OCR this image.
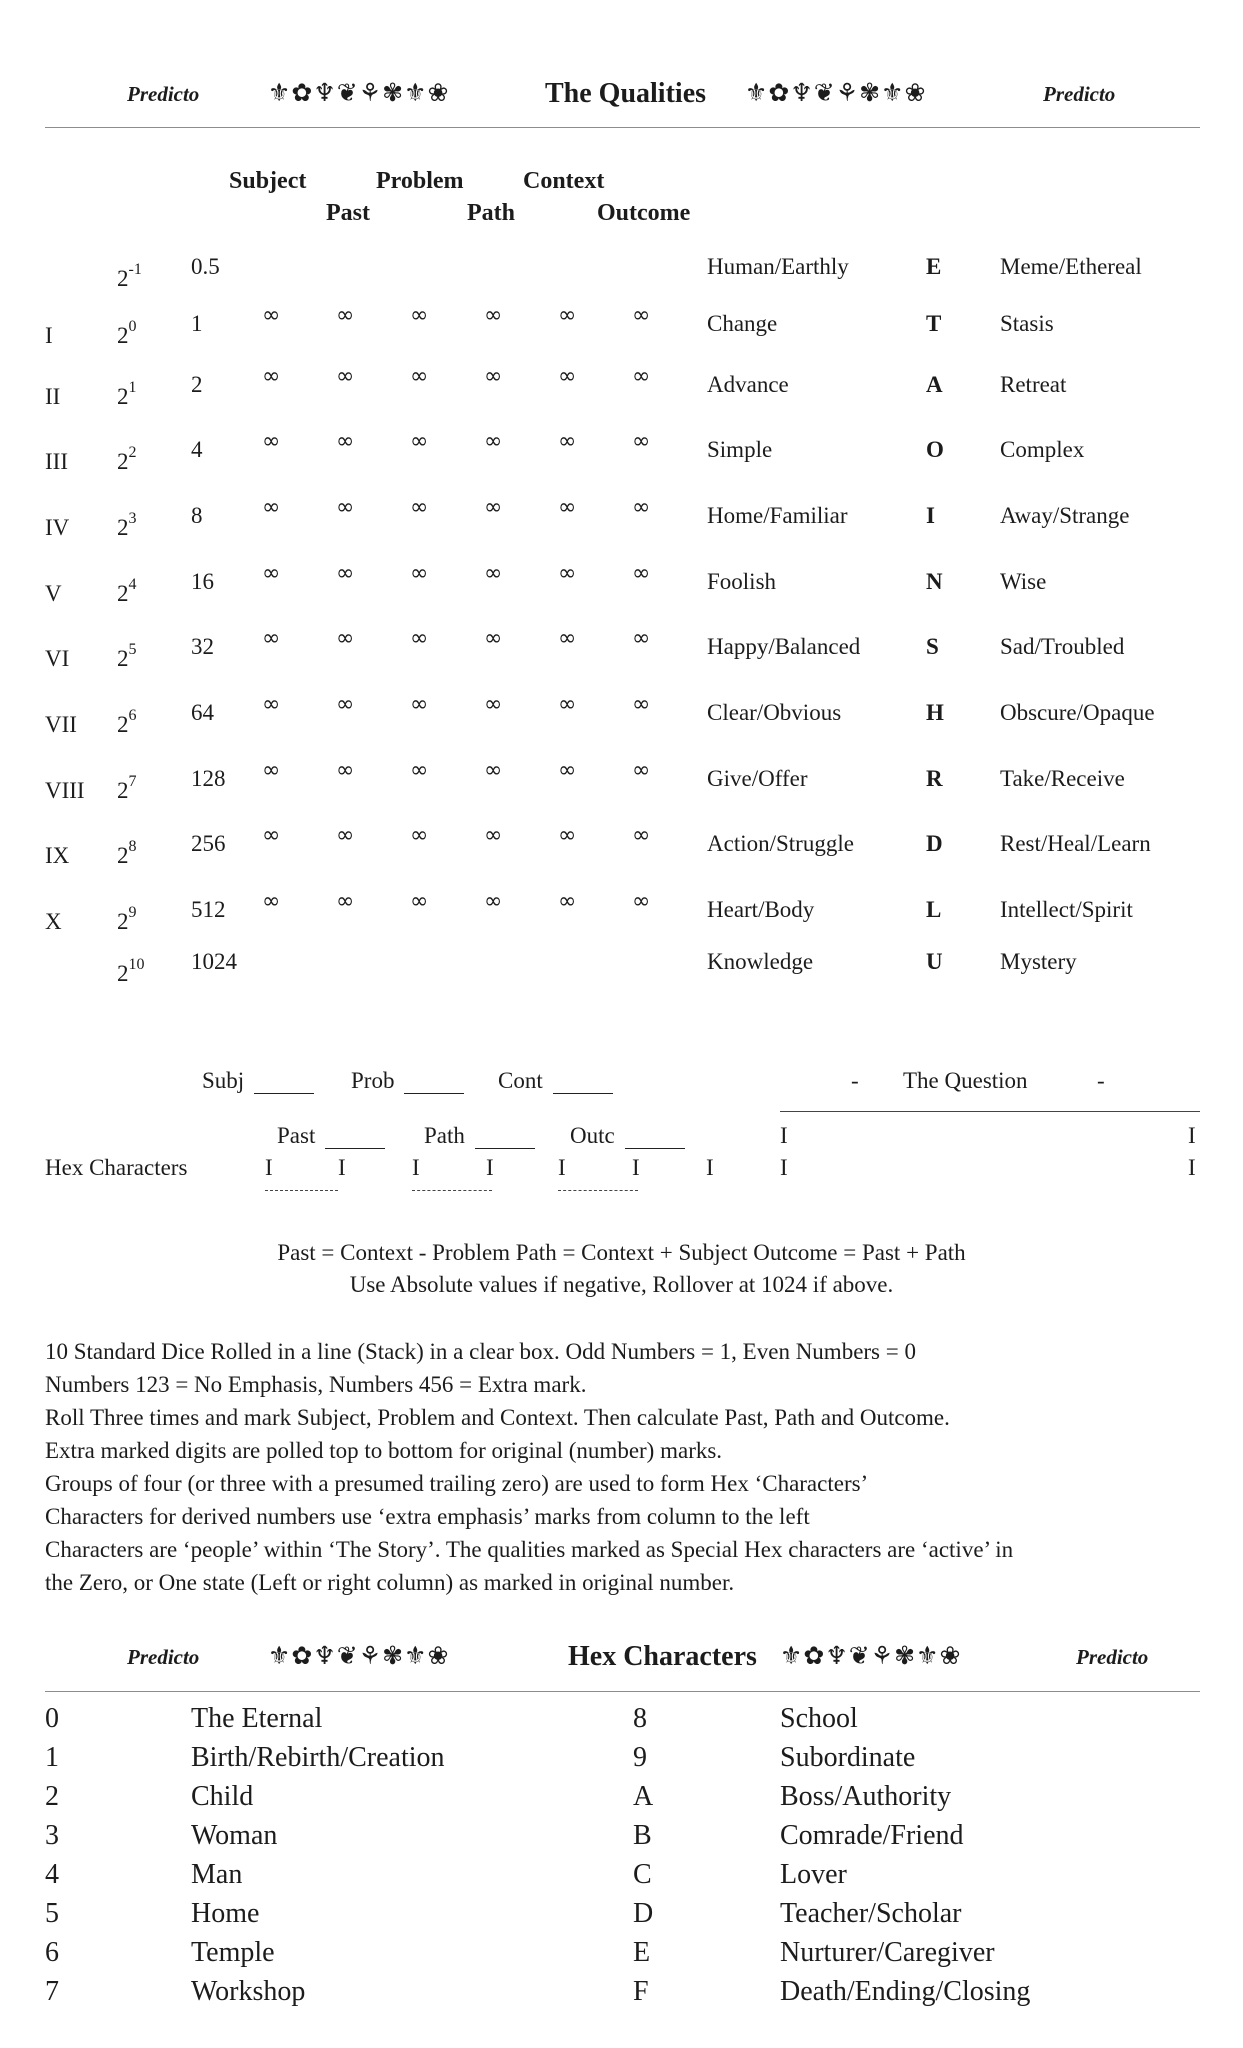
Predicto	⚜✿♆❦⚘✾⚜❀	The Qualities ⚜✿♆❦⚘✾⚜❀	Predicto
Subject	Problem Context
Past	Path	Outcome
$2^{-1}$ 0.5	Human/Earthly	E	Meme/Ethereal
I	$2^0$ 1	∞	∞	∞	∞	∞	∞ Change	T	Stasis
II $2^1$ 2	∞	∞	∞	∞	∞	∞ Advance	A Retreat
III $2^2$ 4	∞	∞	∞	∞	∞	∞ Simple	O Complex
IV $2^3$ 8	∞	∞	∞	∞	∞	∞ Home/Familiar	I	Away/Strange
V $2^4$ 16 ∞	∞	∞	∞	∞	∞ Foolish	N Wise
VI $2^5$ 32 ∞	∞	∞	∞	∞	∞ Happy/Balanced	S	Sad/Troubled
VII $2^6$ 64 ∞	∞	∞	∞	∞	∞ Clear/Obvious	H Obscure/Opaque
VIII $2^7$ 128 ∞	∞	∞	∞	∞	∞ Give/Offer	R Take/Receive
IX $2^8$ 256 ∞	∞	∞	∞	∞	∞ Action/Struggle	D Rest/Heal/Learn
X $2^9$ 512 ∞	∞	∞	∞	∞	∞ Heart/Body	L	Intellect/Spirit
$2^{10}$ 1024	Knowledge	U Mystery
Subj	Prob	Cont
Past	Path	Outc
Hex Characters	I	I	I	I	I	I	I
- The Question	-
I	I
I	I
Past = Context - Problem Path = Context + Subject Outcome = Past + Path
Use Absolute values if negative, Rollover at 1024 if above.
10 Standard Dice Rolled in a line (Stack) in a clear box. Odd Numbers = 1, Even Numbers = 0
Numbers 123 = No Emphasis, Numbers 456 = Extra mark.
Roll Three times and mark Subject, Problem and Context. Then calculate Past, Path and Outcome.
Extra marked digits are polled top to bottom for original (number) marks.
Groups of four (or three with a presumed trailing zero) are used to form Hex ‘Characters’
Characters for derived numbers use ‘extra emphasis’ marks from column to the left
Characters are ‘people’ within ‘The Story’. The qualities marked as Special Hex characters are ‘active’ in
the Zero, or One state (Left or right column) as marked in original number.
Predicto	⚜✿♆❦⚘✾⚜❀	Hex Characters ⚜✿♆❦⚘✾⚜❀	Predicto
0	The Eternal
1	Birth/Rebirth/Creation
2	Child
3	Woman
4	Man
5	Home
6	Temple
7	Workshop
8	School
9	Subordinate
A	Boss/Authority
B	Comrade/Friend
C	Lover
D	Teacher/Scholar
E	Nurturer/Caregiver
F	Death/Ending/Closing
